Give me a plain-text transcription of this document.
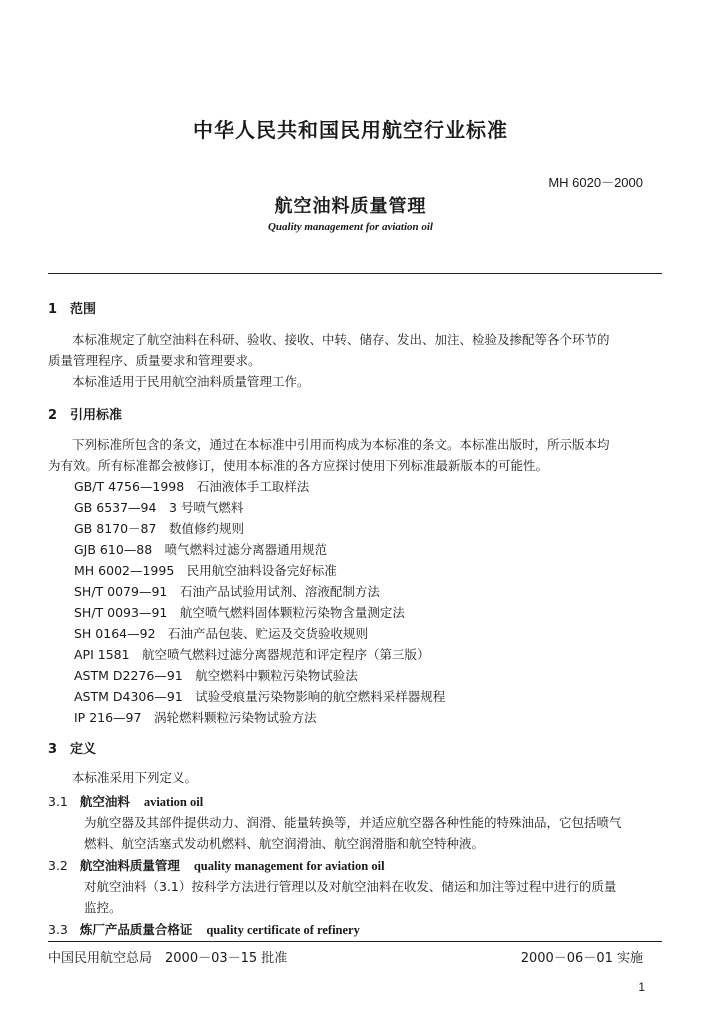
中华人民共和国民用航空行业标准
MH 6020－2000
航空油料质量管理
Quality management for aviation oil
1　范围
本标准规定了航空油料在科研、验收、接收、中转、储存、发出、加注、检验及掺配等各个环节的
质量管理程序、质量要求和管理要求。
本标准适用于民用航空油料质量管理工作。
2　引用标准
下列标准所包含的条文，通过在本标准中引用而构成为本标准的条文。本标准出版时，所示版本均
为有效。所有标准都会被修订，使用本标准的各方应探讨使用下列标准最新版本的可能性。
GB/T 4756—1998　石油液体手工取样法
GB 6537—94　3 号喷气燃料
GB 8170－87　数值修约规则
GJB 610—88　喷气燃料过滤分离器通用规范
MH 6002—1995　民用航空油料设备完好标准
SH/T 0079—91　石油产品试验用试剂、溶液配制方法
SH/T 0093—91　航空喷气燃料固体颗粒污染物含量测定法
SH 0164—92　石油产品包装、贮运及交货验收规则
API 1581　航空喷气燃料过滤分离器规范和评定程序（第三版）
ASTM D2276—91　航空燃料中颗粒污染物试验法
ASTM D4306—91　试验受痕量污染物影响的航空燃料采样器规程
IP 216—97　涡轮燃料颗粒污染物试验方法
3　定义
本标准采用下列定义。
3.1 航空油料 aviation oil
为航空器及其部件提供动力、润滑、能量转换等，并适应航空器各种性能的特殊油品，它包括喷气
燃料、航空活塞式发动机燃料、航空润滑油、航空润滑脂和航空特种液。
3.2 航空油料质量管理 quality management for aviation oil
对航空油料（3.1）按科学方法进行管理以及对航空油料在收发、储运和加注等过程中进行的质量
监控。
3.3 炼厂产品质量合格证 quality certificate of refinery
中国民用航空总局　2000－03－15 批准	2000－06－01 实施
1
